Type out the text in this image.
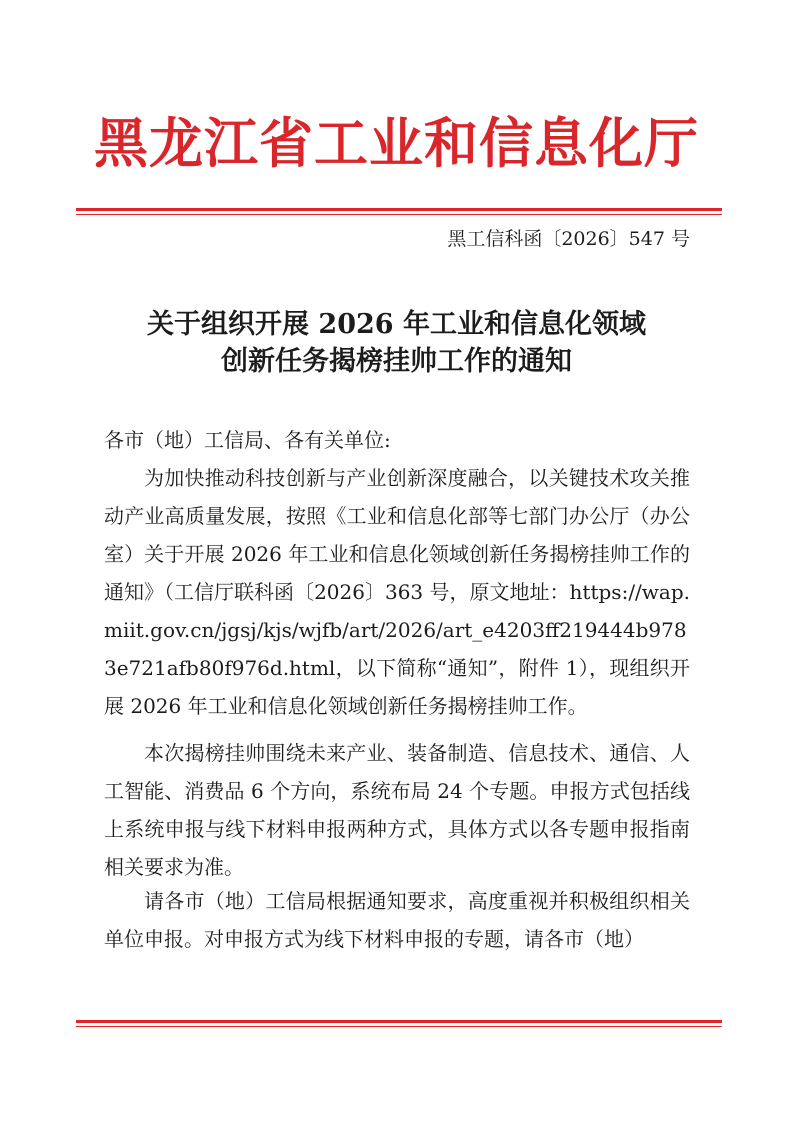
黑龙江省工业和信息化厅
黑工信科函〔2026〕547 号
关于组织开展 2026 年工业和信息化领域
创新任务揭榜挂帅工作的通知

各市（地）工信局、各有关单位:

为加快推动科技创新与产业创新深度融合，以关键技术攻关推动产业高质量发展，按照《工业和信息化部等七部门办公厅（办公室）关于开展 2026 年工业和信息化领域创新任务揭榜挂帅工作的通知》（工信厅联科函〔2026〕363 号，原文地址：https://wap.miit.gov.cn/jgsj/kjs/wjfb/art/2026/art_e4203ff219444b9783e721afb80f976d.html，以下简称“通知”，附件 1），现组织开展 2026 年工业和信息化领域创新任务揭榜挂帅工作。

本次揭榜挂帅围绕未来产业、装备制造、信息技术、通信、人工智能、消费品 6 个方向，系统布局 24 个专题。申报方式包括线上系统申报与线下材料申报两种方式，具体方式以各专题申报指南相关要求为准。

请各市（地）工信局根据通知要求，高度重视并积极组织相关单位申报。对申报方式为线下材料申报的专题，请各市（地）
